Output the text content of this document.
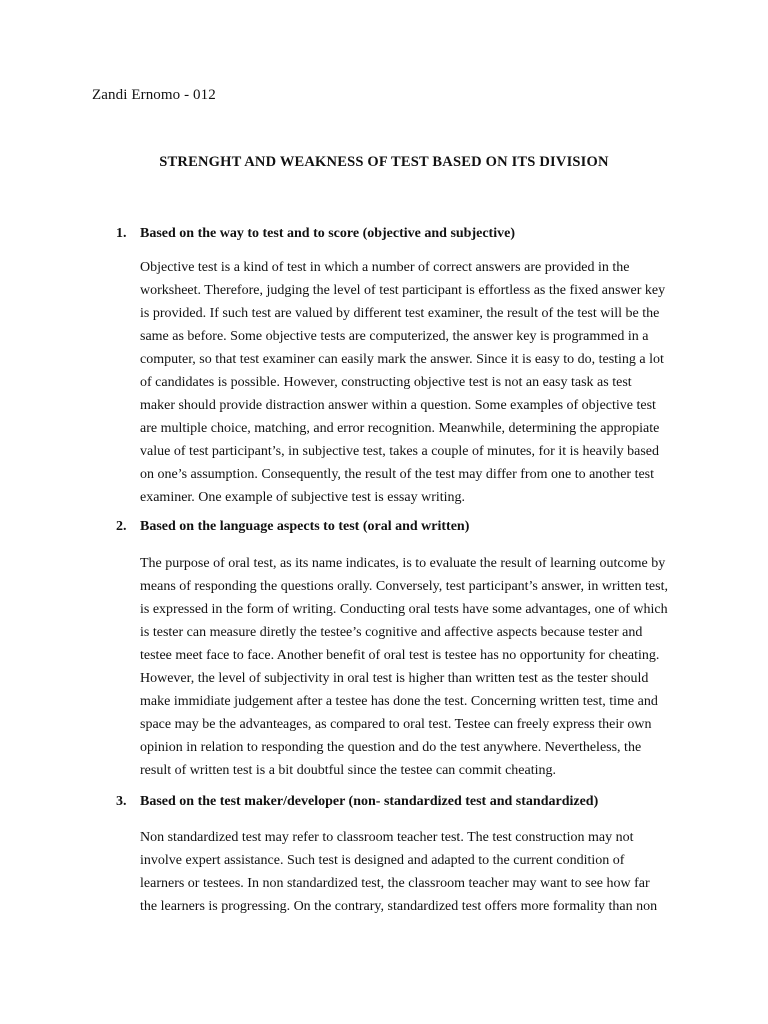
Zandi Ernomo - 012
STRENGHT AND WEAKNESS OF TEST BASED ON ITS DIVISION
1. Based on the way to test and to score (objective and subjective)
Objective test is a kind of test in which a number of correct answers are provided in the
worksheet. Therefore, judging the level of test participant is effortless as the fixed answer key
is provided. If such test are valued by different test examiner, the result of the test will be the
same as before. Some objective tests are computerized, the answer key is programmed in a
computer, so that test examiner can easily mark the answer. Since it is easy to do, testing a lot
of candidates is possible. However, constructing objective test is not an easy task as test
maker should provide distraction answer within a question. Some examples of objective test
are multiple choice, matching, and error recognition. Meanwhile, determining the appropiate
value of test participant’s, in subjective test, takes a couple of minutes, for it is heavily based
on one’s assumption. Consequently, the result of the test may differ from one to another test
examiner. One example of subjective test is essay writing.
2. Based on the language aspects to test (oral and written)
The purpose of oral test, as its name indicates, is to evaluate the result of learning outcome by
means of responding the questions orally. Conversely, test participant’s answer, in written test,
is expressed in the form of writing. Conducting oral tests have some advantages, one of which
is tester can measure diretly the testee’s cognitive and affective aspects because tester and
testee meet face to face. Another benefit of oral test is testee has no opportunity for cheating.
However, the level of subjectivity in oral test is higher than written test as the tester should
make immidiate judgement after a testee has done the test. Concerning written test, time and
space may be the advanteages, as compared to oral test. Testee can freely express their own
opinion in relation to responding the question and do the test anywhere. Nevertheless, the
result of written test is a bit doubtful since the testee can commit cheating.
3. Based on the test maker/developer (non- standardized test and standardized)
Non standardized test may refer to classroom teacher test. The test construction may not
involve expert assistance. Such test is designed and adapted to the current condition of
learners or testees. In non standardized test, the classroom teacher may want to see how far
the learners is progressing. On the contrary, standardized test offers more formality than non
